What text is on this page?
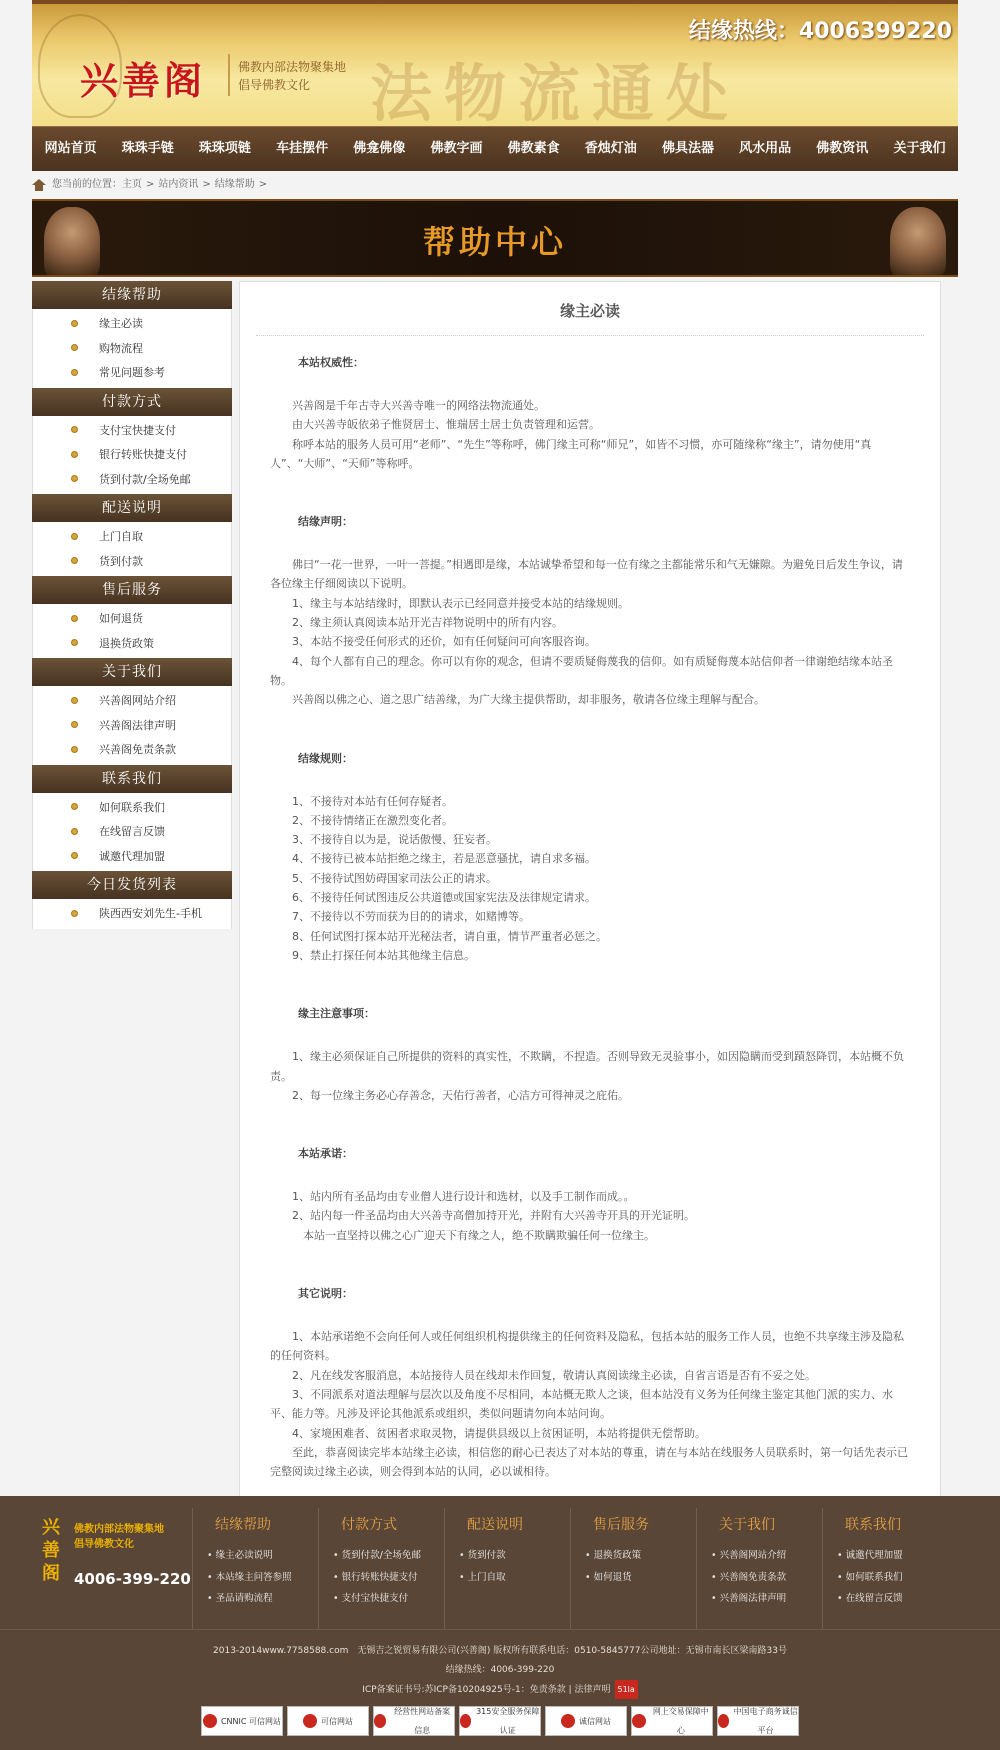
法物流通处
兴善阁	佛教内部法物聚集地
倡导佛教文化
结缘热线：4006399220
网站首页	珠珠手链	珠珠项链	车挂摆件	佛龛佛像	佛教字画	佛教素食	香烛灯油	佛具法器	风水用品	佛教资讯	关于我们
您当前的位置： 主页 > 站内资讯 > 结缘帮助 >
帮助中心
结缘帮助
缘主必读
购物流程
常见问题参考
付款方式
支付宝快捷支付
银行转账快捷支付
货到付款/全场免邮
配送说明
上门自取
货到付款
售后服务
如何退货
退换货政策
关于我们
兴善阁网站介绍
兴善阁法律声明
兴善阁免责条款
联系我们
如何联系我们
在线留言反馈
诚邀代理加盟
今日发货列表
陕西西安刘先生-手机
缘主必读
本站权威性：

　　兴善阁是千年古寺大兴善寺唯一的网络法物流通处。

　　由大兴善寺皈依弟子惟贤居士、惟瑞居士居士负责管理和运营。

　　称呼本站的服务人员可用“老师”、“先生”等称呼，佛门缘主可称“师兄”，如皆不习惯，亦可随缘称“缘主”，请勿使用“真人”、“大师”、“天师”等称呼。

结缘声明：

　　佛曰“一花一世界，一叶一菩提。”相遇即是缘，本站诚挚希望和每一位有缘之主都能常乐和气无嫌隙。为避免日后发生争议，请各位缘主仔细阅读以下说明。

　　1、缘主与本站结缘时，即默认表示已经同意并接受本站的结缘规则。

　　2、缘主须认真阅读本站开光吉祥物说明中的所有内容。

　　3、本站不接受任何形式的还价，如有任何疑问可向客服咨询。

　　4、每个人都有自己的理念。你可以有你的观念，但请不要质疑侮蔑我的信仰。如有质疑侮蔑本站信仰者一律谢绝结缘本站圣物。

　　兴善阁以佛之心、道之思广结善缘，为广大缘主提供帮助，却非服务，敬请各位缘主理解与配合。

结缘规则：

　　1、不接待对本站有任何存疑者。

　　2、不接待情绪正在激烈变化者。

　　3、不接待自以为是，说话傲慢、狂妄者。

　　4、不接待已被本站拒绝之缘主，若是恶意骚扰，请自求多福。

　　5、不接待试图妨碍国家司法公正的请求。

　　6、不接待任何试图违反公共道德或国家宪法及法律规定请求。

　　7、不接待以不劳而获为目的的请求，如赌博等。

　　8、任何试图打探本站开光秘法者，请自重，情节严重者必惩之。

　　9、禁止打探任何本站其他缘主信息。

缘主注意事项：

　　1、缘主必须保证自己所提供的资料的真实性，不欺瞒，不捏造。否则导致无灵验事小，如因隐瞒而受到蹟怒降罚，本站概不负责。

　　2、每一位缘主务必心存善念，天佑行善者，心洁方可得神灵之庇佑。

本站承诺：

　　1、站内所有圣品均由专业僧人进行设计和选材，以及手工制作而成。。

　　2、站内每一件圣品均由大兴善寺高僧加持开光，并附有大兴善寺开具的开光证明。

　　　本站一直坚持以佛之心广迎天下有缘之人，绝不欺瞒欺骗任何一位缘主。

其它说明：

　　1、本站承诺绝不会向任何人或任何组织机构提供缘主的任何资料及隐私，包括本站的服务工作人员，也绝不共享缘主涉及隐私的任何资料。

　　2、凡在线发客服消息，本站接待人员在线却未作回复，敬请认真阅读缘主必读，自省言语是否有不妥之处。

　　3、不同派系对道法理解与层次以及角度不尽相同，本站概无欺人之谈，但本站没有义务为任何缘主鉴定其他门派的实力、水平、能力等。凡涉及评论其他派系或组织，类似问题请勿向本站问询。

　　4、家境困难者、贫困者求取灵物，请提供县级以上贫困证明，本站将提供无偿帮助。

　　至此，恭喜阅读完毕本站缘主必读，相信您的耐心已表达了对本站的尊重，请在与本站在线服务人员联系时，第一句话先表示已完整阅读过缘主必读，则会得到本站的认同，必以诚相待。

兴善阁
佛教内部法物聚集地
倡导佛教文化
4006-399-220
结缘帮助
• 缘主必读说明
• 本站缘主问答参照
• 圣品请购流程
付款方式
• 货到付款/全场免邮
• 银行转账快捷支付
• 支付宝快捷支付
配送说明
• 货到付款
• 上门自取
售后服务
• 退换货政策
• 如何退货
关于我们
• 兴善阁网站介绍
• 兴善阁免责条款
• 兴善阁法律声明
联系我们
• 诚邀代理加盟
• 如何联系我们
• 在线留言反馈
2013-2014www.7758588.com　无锡吉之锐贸易有限公司(兴善阁) 版权所有联系电话：0510-5845777公司地址：无锡市南长区梁南路33号
结缘热线：4006-399-220
ICP备案证书号:苏ICP备10204925号-1：免责条款 | 法律声明 51la
CNNIC 可信网站	可信网站
经营性网站备案信息
315安全服务保障认证
诚信网站
网上交易保障中心
中国电子商务诚信平台
